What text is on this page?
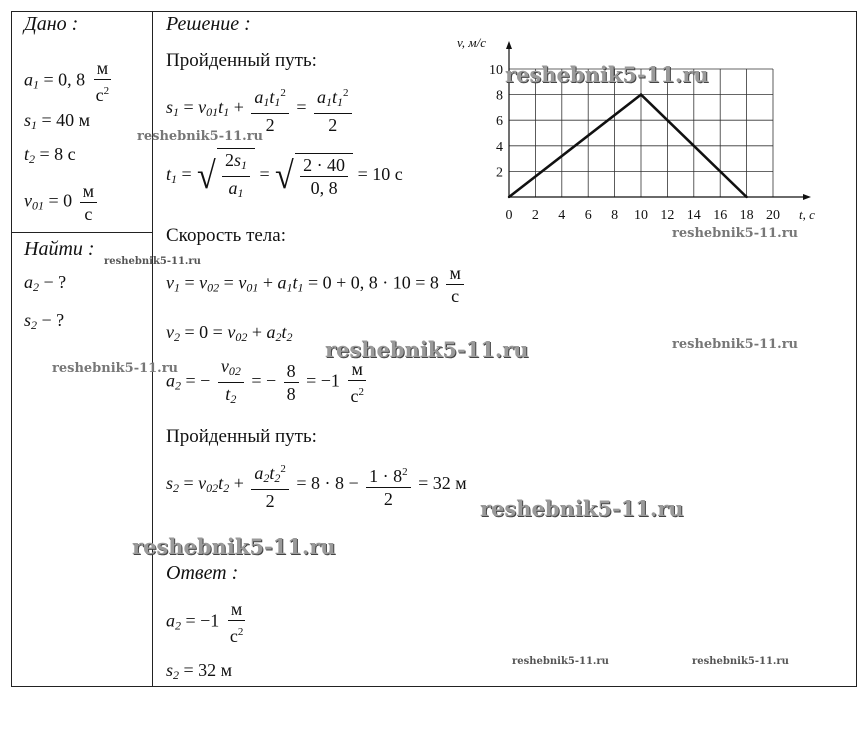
Дано :
$a_1 = 0$, $8 \frac{м}{с^2}$
$s_1 = 40$ м
$t_2 = 8$ с
$v_{01} = 0 \frac{м}{с}$
Найти :
$a_2$ − ?
$s_2$ − ?
Решение :
Пройденный путь:
$s_1 = v_{01}t_1 + \frac{a_1t_1^2}{2} = \frac{a_1t_1^2}{2}$
$t_1$ = √ $\frac{2s_1}{a_1}$ = √ $\frac{2 \cdot 40}{0, 8} = 10$ с
Скорость тела:
$v_1 = v_{02} = v_{01} + a_1t_1 = 0 + 0$, $8 \cdot 10 = 8 \frac{м}{с}$
$v_2 = 0 = v_{02} + a_2t_2$
$a_2$ = − $\frac{v_{02}}{t_2}$ = − $\frac{8}{8} = -1 \frac{м}{с^2}$
Пройденный путь:
$s_2 = v_{02}t_2 + \frac{a_2t_2^2}{2} = 8 \cdot 8 - \frac{1 \cdot 8^2}{2} = 32$ м
Ответ :
$a_2 = -1 \frac{м}{с^2}$
$s_2 = 32$ м
0 2 4 6 8 10 12 14 16 18 20
2
4
6
8
10
v, м/с
t, c
reshebnik5-11.ru
reshebnik5-11.ru
reshebnik5-11.ru
reshebnik5-11.ru
reshebnik5-11.ru	reshebnik5-11.ru
reshebnik5-11.ru
reshebnik5-11.ru
reshebnik5-11.ru
reshebnik5-11.ru	reshebnik5-11.ru
